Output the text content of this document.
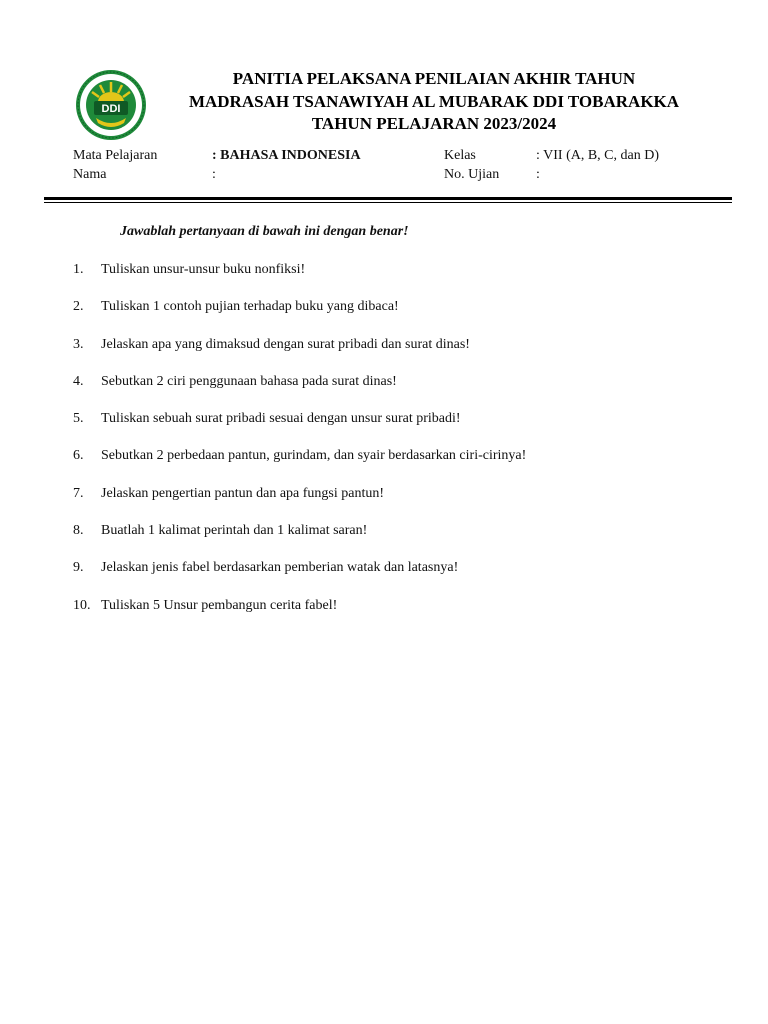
DDI
PANITIA PELAKSANA PENILAIAN AKHIR TAHUN
MADRASAH TSANAWIYAH AL MUBARAK DDI TOBARAKKA
TAHUN PELAJARAN 2023/2024
Mata Pelajaran	: BAHASA INDONESIA	Kelas	: VII (A, B, C, dan D)
Nama	:	No. Ujian	:
Jawablah pertanyaan di bawah ini dengan benar!
1. Tuliskan unsur-unsur buku nonfiksi!
2. Tuliskan 1 contoh pujian terhadap buku yang dibaca!
3. Jelaskan apa yang dimaksud dengan surat pribadi dan surat dinas!
4. Sebutkan 2 ciri penggunaan bahasa pada surat dinas!
5. Tuliskan sebuah surat pribadi sesuai dengan unsur surat pribadi!
6. Sebutkan 2 perbedaan pantun, gurindam, dan syair berdasarkan ciri-cirinya!
7. Jelaskan pengertian pantun dan apa fungsi pantun!
8. Buatlah 1 kalimat perintah dan 1 kalimat saran!
9. Jelaskan jenis fabel berdasarkan pemberian watak dan latasnya!
10. Tuliskan 5 Unsur pembangun cerita fabel!
